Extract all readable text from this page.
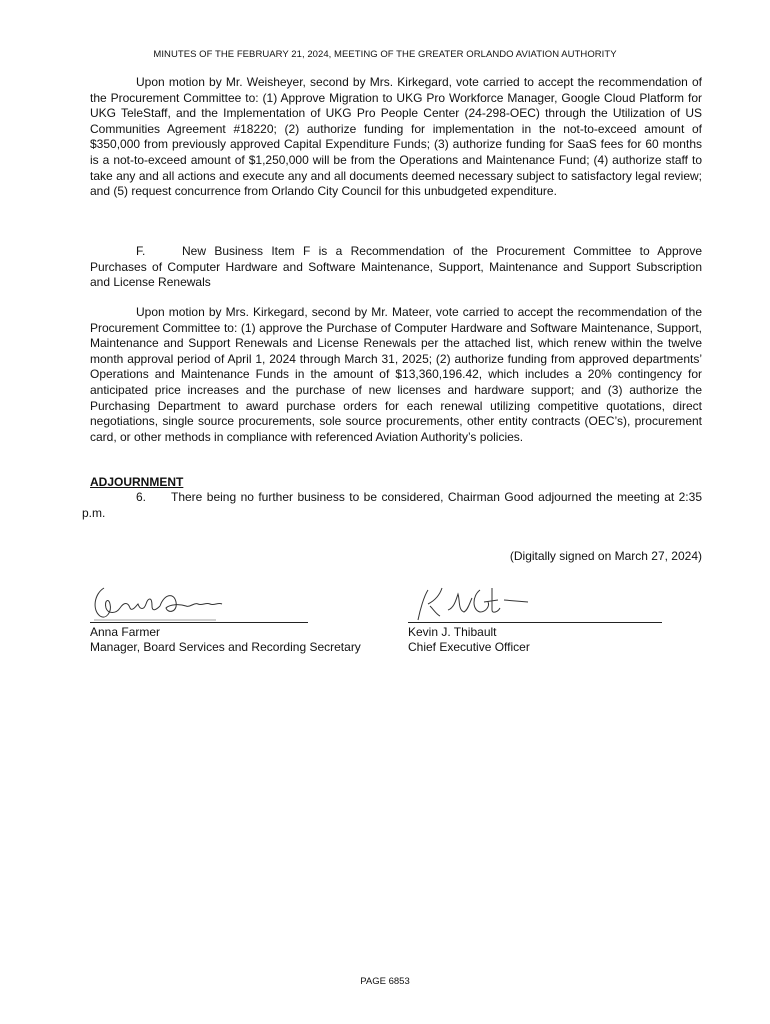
MINUTES OF THE FEBRUARY 21, 2024, MEETING OF THE GREATER ORLANDO AVIATION AUTHORITY

Upon motion by Mr. Weisheyer, second by Mrs. Kirkegard, vote carried to accept the recommendation of the Procurement Committee to: (1) Approve Migration to UKG Pro Workforce Manager, Google Cloud Platform for UKG TeleStaff, and the Implementation of UKG Pro People Center (24-298-OEC) through the Utilization of US Communities Agreement #18220; (2) authorize funding for implementation in the not-to-exceed amount of $350,000 from previously approved Capital Expenditure Funds; (3) authorize funding for SaaS fees for 60 months is a not-to-exceed amount of $1,250,000 will be from the Operations and Maintenance Fund; (4) authorize staff to take any and all actions and execute any and all documents deemed necessary subject to satisfactory legal review; and (5) request concurrence from Orlando City Council for this unbudgeted expenditure.

F.	New Business Item F is a Recommendation of the Procurement Committee to Approve Purchases of Computer Hardware and Software Maintenance, Support, Maintenance and Support Subscription and License Renewals

Upon motion by Mrs. Kirkegard, second by Mr. Mateer, vote carried to accept the recommendation of the Procurement Committee to: (1) approve the Purchase of Computer Hardware and Software Maintenance, Support, Maintenance and Support Renewals and License Renewals per the attached list, which renew within the twelve month approval period of April 1, 2024 through March 31, 2025; (2) authorize funding from approved departments’ Operations and Maintenance Funds in the amount of $13,360,196.42, which includes a 20% contingency for anticipated price increases and the purchase of new licenses and hardware support; and (3) authorize the Purchasing Department to award purchase orders for each renewal utilizing competitive quotations, direct negotiations, single source procurements, sole source procurements, other entity contracts (OEC’s), procurement card, or other methods in compliance with referenced Aviation Authority’s policies.

ADJOURNMENT

6. There being no further business to be considered, Chairman Good adjourned the meeting at 2:35 p.m.

(Digitally signed on March 27, 2024)
Anna Farmer
Manager, Board Services and Recording Secretary
Kevin J. Thibault
Chief Executive Officer
PAGE 6853
